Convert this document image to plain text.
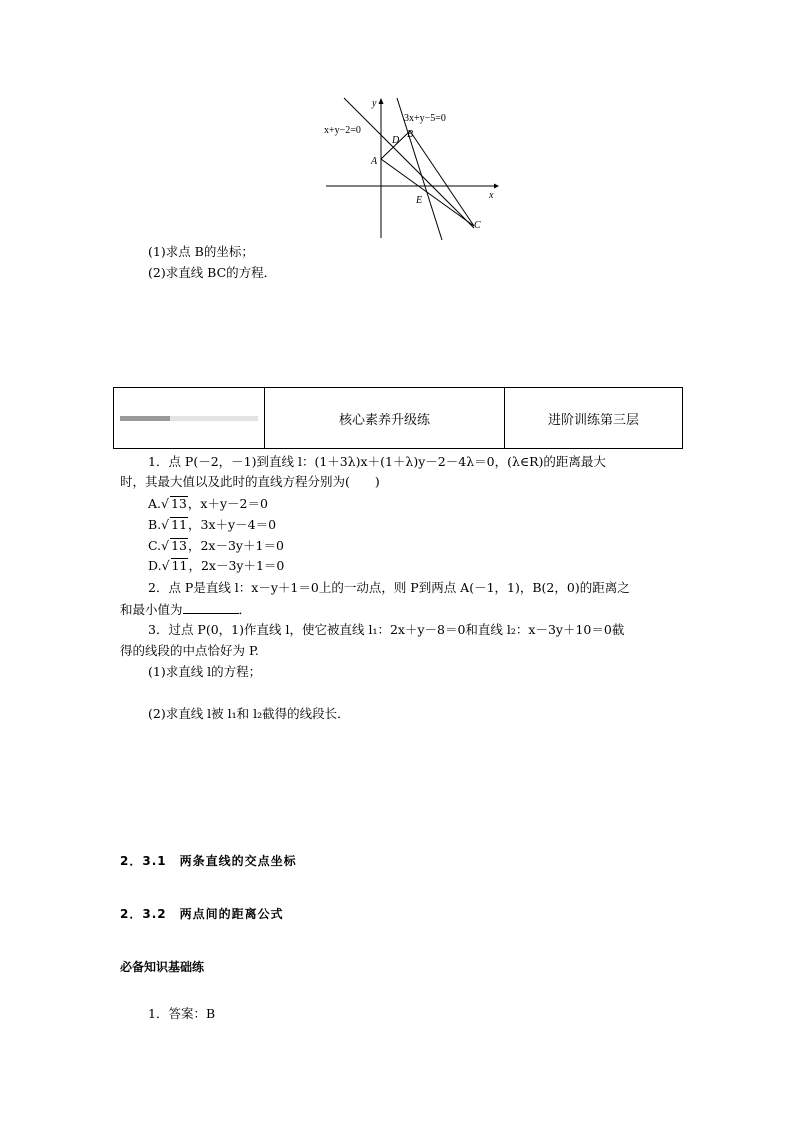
y
x
x+y−2=0
3x+y−5=0
A
B
C
D
E
(1)求点 B的坐标；
(2)求直线 BC的方程．
核心素养升级练	进阶训练第三层
1．点 P(－2，－1)到直线 l：(1＋3λ)x＋(1＋λ)y－2－4λ＝0，(λ∈R)的距离最大
时，其最大值以及此时的直线方程分别为(　　)
A.√ 13，x＋y－2＝0
B.√ 11，3x＋y－4＝0
C.√ 13，2x－3y＋1＝0
D.√ 11，2x－3y＋1＝0
2．点 P是直线 l：x－y＋1＝0上的一动点，则 P到两点 A(－1，1)，B(2，0)的距离之
和最小值为	．
3．过点 P(0，1)作直线 l，使它被直线 l₁：2x＋y－8＝0和直线 l₂：x－3y＋10＝0截
得的线段的中点恰好为 P.
(1)求直线 l的方程；
(2)求直线 l被 l₁和 l₂截得的线段长．
2．3.1　两条直线的交点坐标
2．3.2　两点间的距离公式
必备知识基础练
1．答案：B
